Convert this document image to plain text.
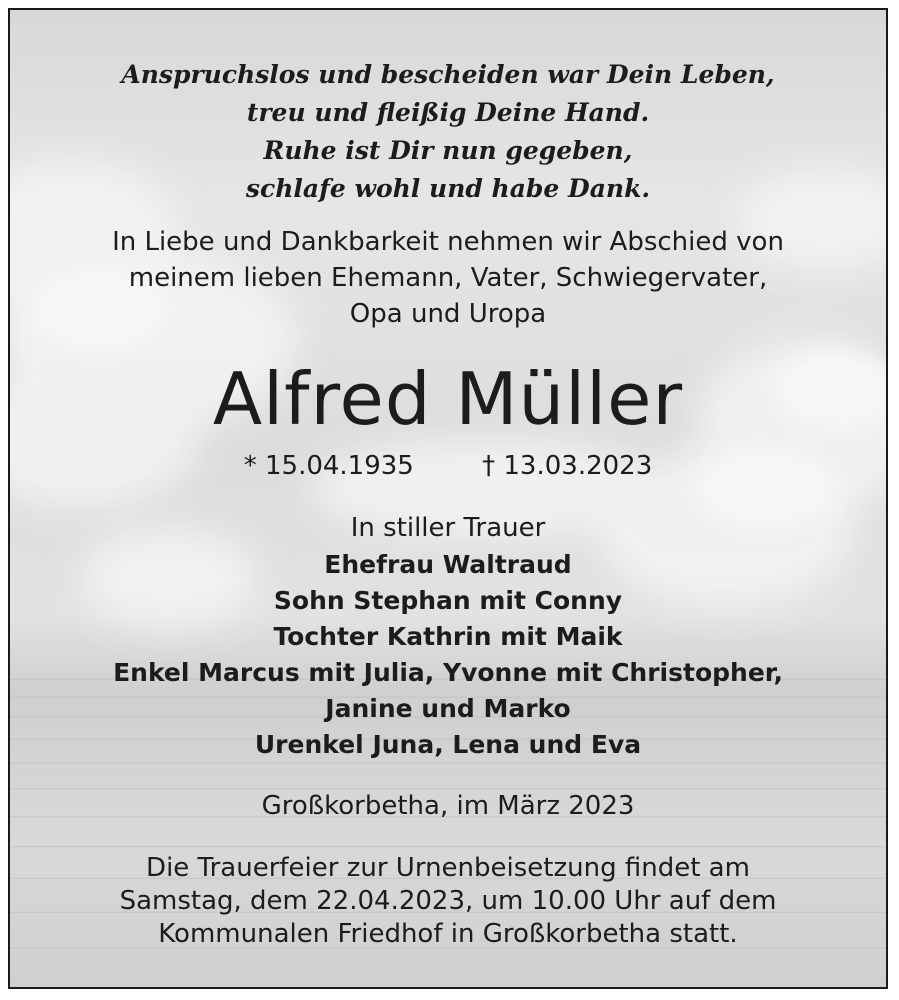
Anspruchslos und bescheiden war Dein Leben,
treu und fleißig Deine Hand.
Ruhe ist Dir nun gegeben,
schlafe wohl und habe Dank.
In Liebe und Dankbarkeit nehmen wir Abschied von
meinem lieben Ehemann, Vater, Schwiegervater,
Opa und Uropa
Alfred Müller
* 15.04.1935	† 13.03.2023
In stiller Trauer
Ehefrau Waltraud
Sohn Stephan mit Conny
Tochter Kathrin mit Maik
Enkel Marcus mit Julia, Yvonne mit Christopher,
Janine und Marko
Urenkel Juna, Lena und Eva
Großkorbetha, im März 2023
Die Trauerfeier zur Urnenbeisetzung findet am
Samstag, dem 22.04.2023, um 10.00 Uhr auf dem
Kommunalen Friedhof in Großkorbetha statt.
